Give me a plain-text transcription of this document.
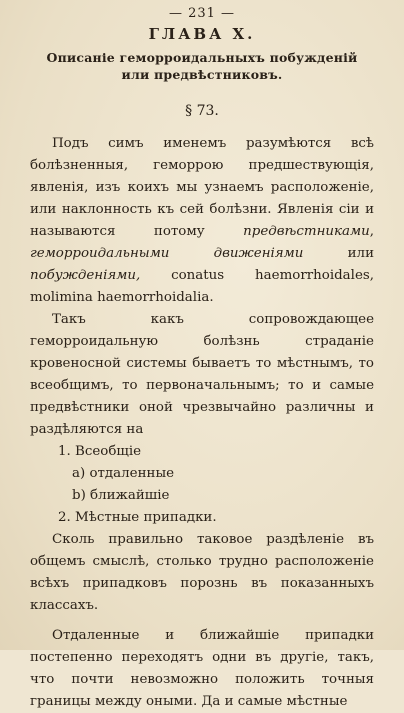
— 231 —
ГЛАВА X.
Описаніе геморроидальныхъ побужденій или предвѣстниковъ.
§ 73.

Подъ симъ именемъ разумѣются всѣ болѣзненныя, геморрою предшествующія, явленія, изъ коихъ мы узнаемъ расположеніе, или наклонность къ сей болѣзни. Явленія сіи и называются потому предвѣстниками, геморроидальными движеніями или побужденіями, conatus haemorrhoidales, molimina haemorrhoidalia.

Такъ какъ сопровождающее геморроидальную болѣзнь страданіе кровеносной системы бываетъ то мѣстнымъ, то всеобщимъ, то первоначальнымъ; то и самые предвѣстники оной чрезвычайно различны и раздѣляются на

1. Всеобщіе
a) отдаленные
b) ближайшіе
2. Мѣстные припадки.

Сколь правильно таковое раздѣленіе въ общемъ смыслѣ, столько трудно расположеніе всѣхъ припадковъ порознь въ показанныхъ классахъ.

Отдаленные и ближайшіе припадки постепенно переходятъ одни въ другіе, такъ, что почти невозможно положить точныя границы между оными. Да и самые мѣстные
